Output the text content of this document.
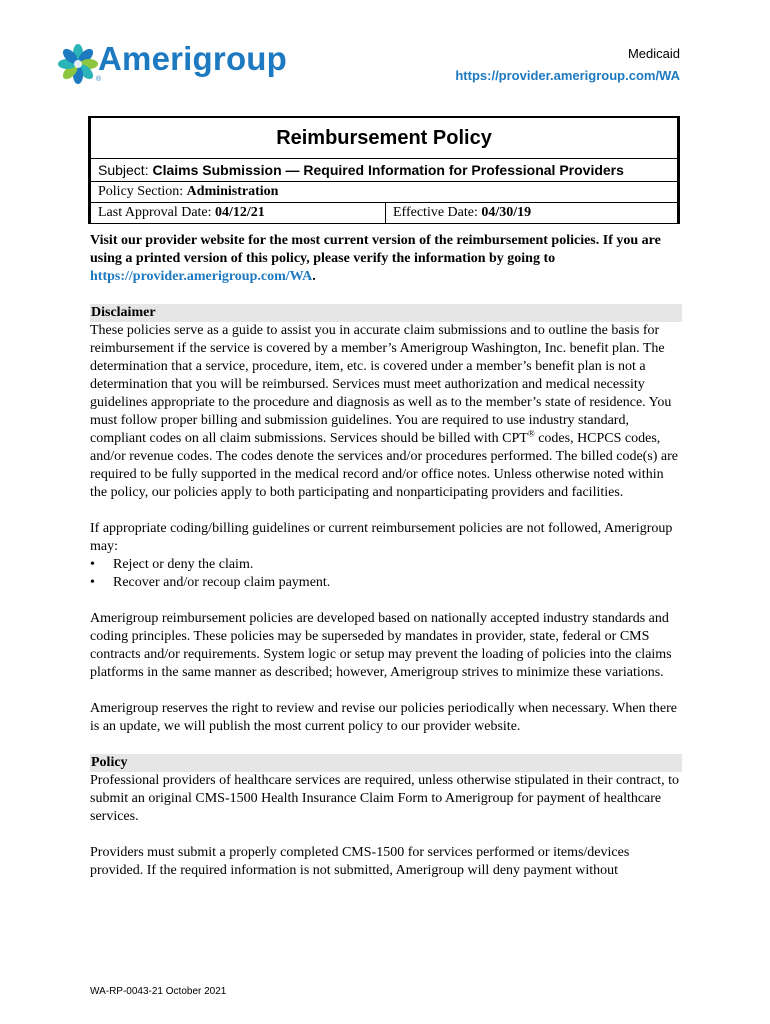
Amerigroup
®
Medicaid
https://provider.amerigroup.com/WA
Reimbursement Policy
Subject: Claims Submission — Required Information for Professional Providers
Policy Section: Administration
Last Approval Date: 04/12/21	Effective Date: 04/30/19

Visit our provider website for the most current version of the reimbursement policies. If you are using a printed version of this policy, please verify the information by going to https://provider.amerigroup.com/WA.

Disclaimer

These policies serve as a guide to assist you in accurate claim submissions and to outline the basis for reimbursement if the service is covered by a member’s Amerigroup Washington, Inc. benefit plan. The determination that a service, procedure, item, etc. is covered under a member’s benefit plan is not a determination that you will be reimbursed. Services must meet authorization and medical necessity guidelines appropriate to the procedure and diagnosis as well as to the member’s state of residence. You must follow proper billing and submission guidelines. You are required to use industry standard, compliant codes on all claim submissions. Services should be billed with CPT® codes, HCPCS codes, and/or revenue codes. The codes denote the services and/or procedures performed. The billed code(s) are required to be fully supported in the medical record and/or office notes. Unless otherwise noted within the policy, our policies apply to both participating and nonparticipating providers and facilities.

If appropriate coding/billing guidelines or current reimbursement policies are not followed, Amerigroup may:

• Reject or deny the claim.
• Recover and/or recoup claim payment.

Amerigroup reimbursement policies are developed based on nationally accepted industry standards and coding principles. These policies may be superseded by mandates in provider, state, federal or CMS contracts and/or requirements. System logic or setup may prevent the loading of policies into the claims platforms in the same manner as described; however, Amerigroup strives to minimize these variations.

Amerigroup reserves the right to review and revise our policies periodically when necessary. When there is an update, we will publish the most current policy to our provider website.

Policy

Professional providers of healthcare services are required, unless otherwise stipulated in their contract, to submit an original CMS-1500 Health Insurance Claim Form to Amerigroup for payment of healthcare services.

Providers must submit a properly completed CMS-1500 for services performed or items/devices provided. If the required information is not submitted, Amerigroup will deny payment without

WA-RP-0043-21 October 2021
